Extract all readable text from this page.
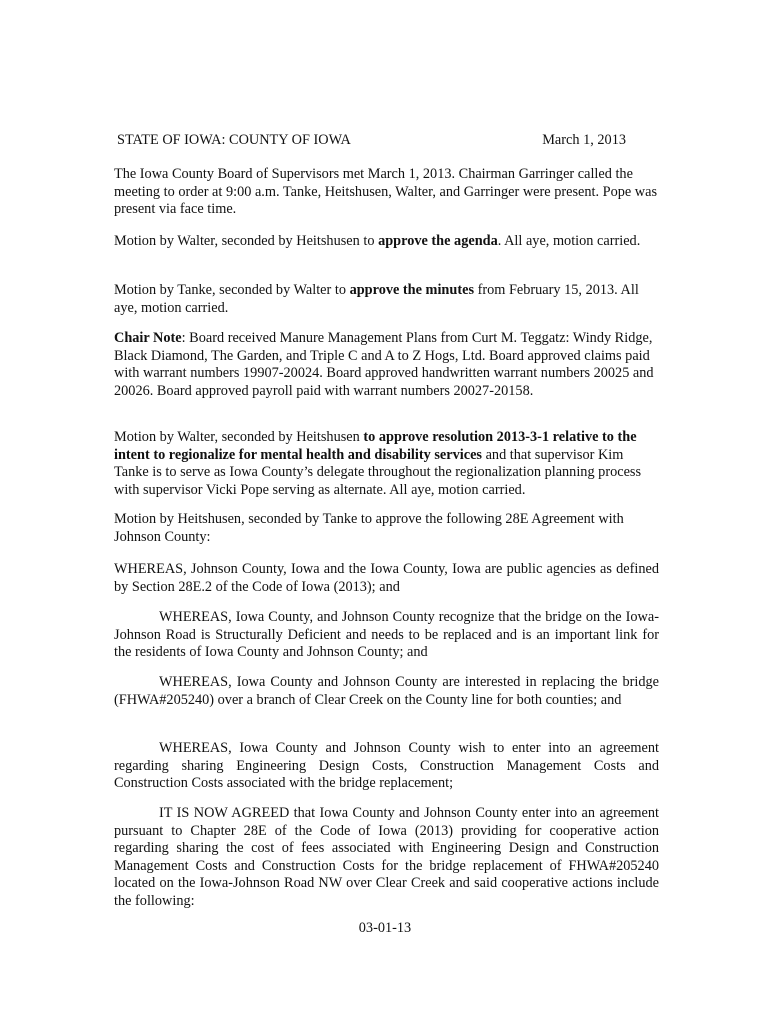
STATE OF IOWA: COUNTY OF IOWA	March 1, 2013

The Iowa County Board of Supervisors met March 1, 2013. Chairman Garringer called the meeting to order at 9:00 a.m. Tanke, Heitshusen, Walter, and Garringer were present. Pope was present via face time.

Motion by Walter, seconded by Heitshusen to approve the agenda. All aye, motion carried.

Motion by Tanke, seconded by Walter to approve the minutes from February 15, 2013. All aye, motion carried.

Chair Note: Board received Manure Management Plans from Curt M. Teggatz: Windy Ridge, Black Diamond, The Garden, and Triple C and A to Z Hogs, Ltd. Board approved claims paid with warrant numbers 19907-20024. Board approved handwritten warrant numbers 20025 and 20026. Board approved payroll paid with warrant numbers 20027-20158.

Motion by Walter, seconded by Heitshusen to approve resolution 2013-3-1 relative to the intent to regionalize for mental health and disability services and that supervisor Kim Tanke is to serve as Iowa County’s delegate throughout the regionalization planning process with supervisor Vicki Pope serving as alternate. All aye, motion carried.

Motion by Heitshusen, seconded by Tanke to approve the following 28E Agreement with Johnson County:

WHEREAS, Johnson County, Iowa and the Iowa County, Iowa are public agencies as defined by Section 28E.2 of the Code of Iowa (2013); and

WHEREAS, Iowa County, and Johnson County recognize that the bridge on the Iowa-Johnson Road is Structurally Deficient and needs to be replaced and is an important link for the residents of Iowa County and Johnson County; and

WHEREAS, Iowa County and Johnson County are interested in replacing the bridge (FHWA#205240) over a branch of Clear Creek on the County line for both counties; and

WHEREAS, Iowa County and Johnson County wish to enter into an agreement regarding sharing Engineering Design Costs, Construction Management Costs and Construction Costs associated with the bridge replacement;

IT IS NOW AGREED that Iowa County and Johnson County enter into an agreement pursuant to Chapter 28E of the Code of Iowa (2013) providing for cooperative action regarding sharing the cost of fees associated with Engineering Design and Construction Management Costs and Construction Costs for the bridge replacement of FHWA#205240 located on the Iowa-Johnson Road NW over Clear Creek and said cooperative actions include the following:

03-01-13
